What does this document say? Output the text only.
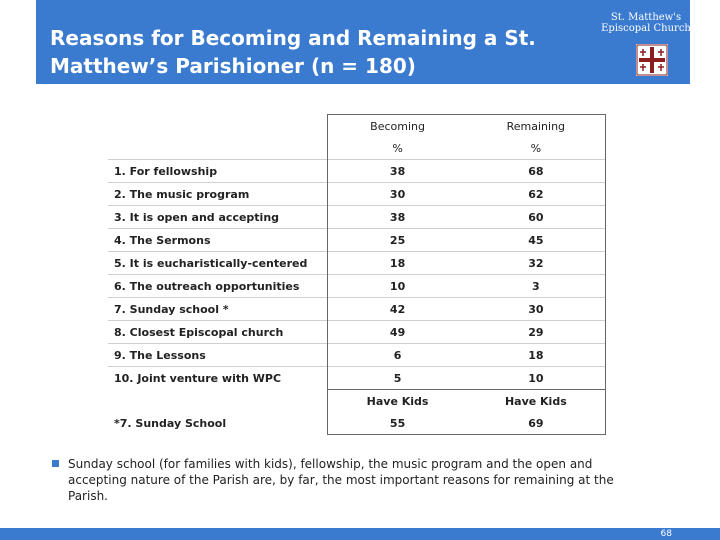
Reasons for Becoming and Remaining a St.
Matthew’s Parishioner (n = 180)
St. Matthew's
Episcopal Church
	Becoming	Remaining
	%	%
1. For fellowship	38	68
2. The music program	30	62
3. It is open and accepting	38	60
4. The Sermons	25	45
5. It is eucharistically-centered	18	32
6. The outreach opportunities	10	3
7. Sunday school *	42	30
8. Closest Episcopal church	49	29
9. The Lessons	6	18
10. Joint venture with WPC	5	10
	Have Kids	Have Kids
*7. Sunday School	55	69
Sunday school (for families with kids), fellowship, the music program and the open and accepting nature of the Parish are, by far, the most important reasons for remaining at the Parish.
68
